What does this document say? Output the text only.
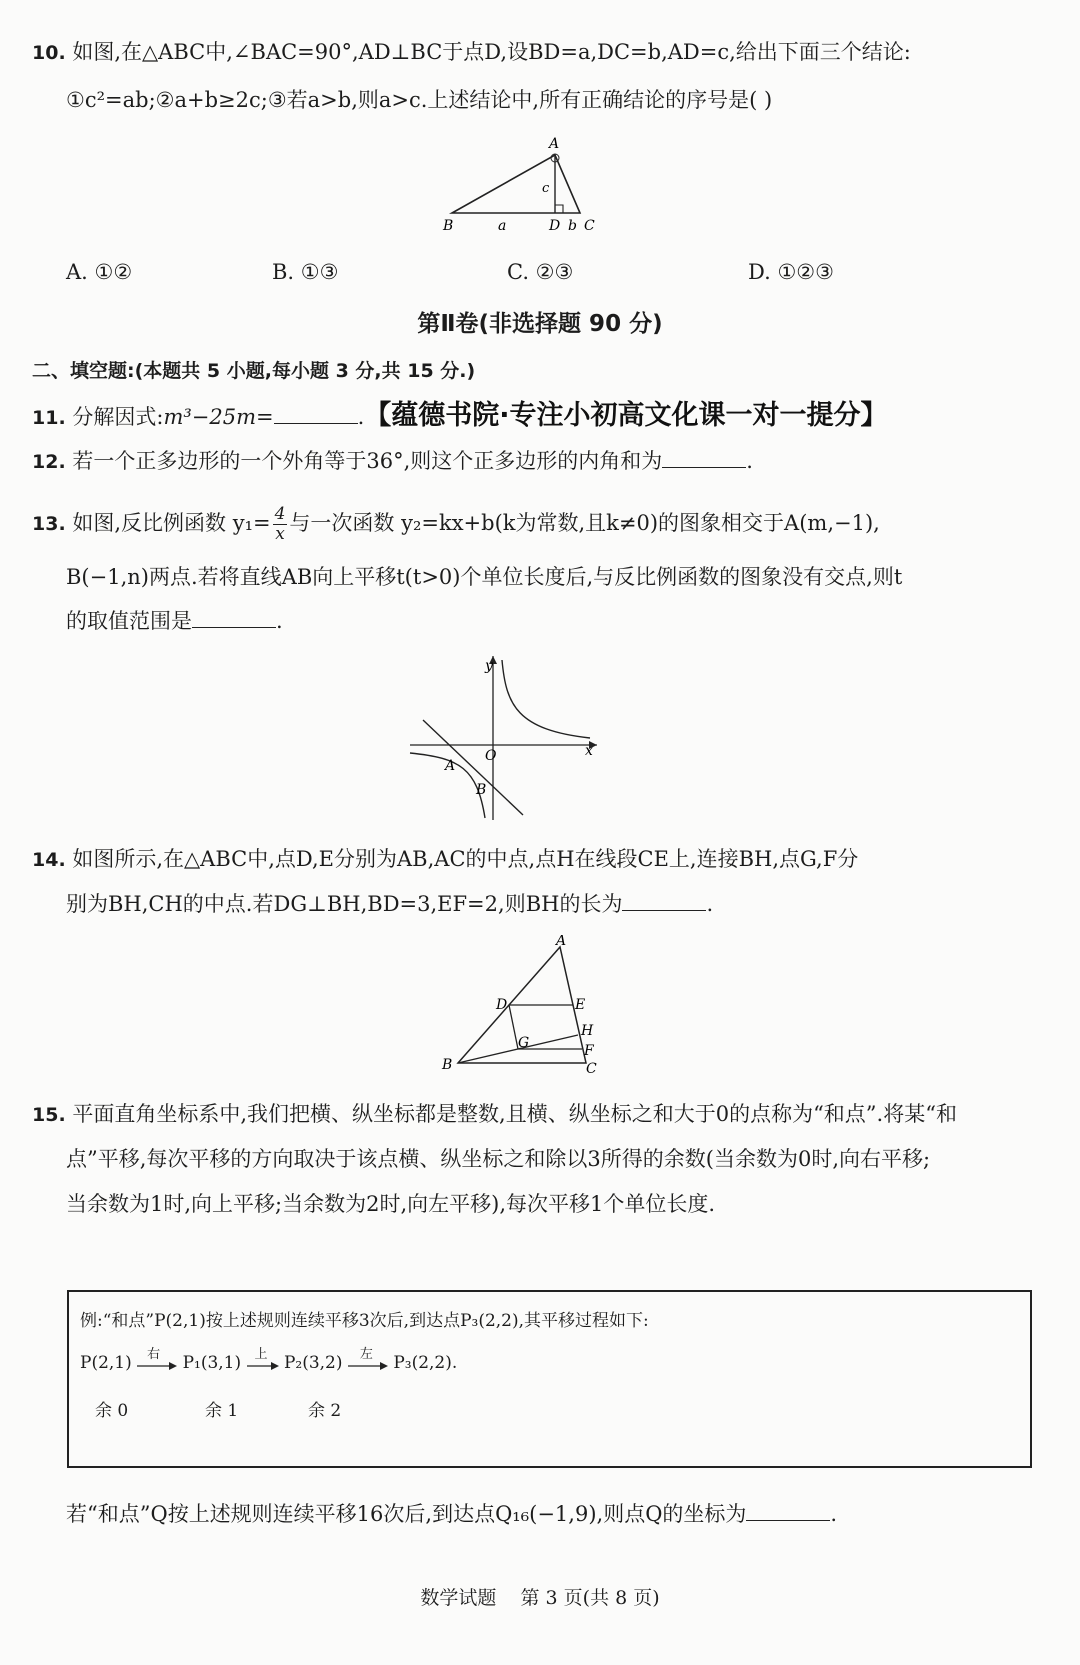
10. 如图,在△ABC中,∠BAC=90°,AD⊥BC于点D,设BD=a,DC=b,AD=c,给出下面三个结论:
①c²=ab;②a+b≥2c;③若a>b,则a>c.上述结论中,所有正确结论的序号是( )
A
B	C
D
a	b
c
A. ①②	B. ①③	C. ②③	D. ①②③
第Ⅱ卷(非选择题 90 分)
二、填空题:(本题共 5 小题,每小题 3 分,共 15 分.)
11. 分解因式:m³−25m=	.【蕴德书院·专注小初高文化课一对一提分】
12. 若一个正多边形的一个外角等于36°,则这个正多边形的内角和为	.
13. 如图,反比例函数 $y_1= \frac{4}{x}$ 与一次函数 y₂=kx+b(k为常数,且k≠0)的图象相交于A(m,−1),
B(−1,n)两点.若将直线AB向上平移t(t>0)个单位长度后,与反比例函数的图象没有交点,则t
的取值范围是	.
y
x
O
A
B
14. 如图所示,在△ABC中,点D,E分别为AB,AC的中点,点H在线段CE上,连接BH,点G,F分
别为BH,CH的中点.若DG⊥BH,BD=3,EF=2,则BH的长为	.
A
B	C
D	E
F
G
H
15. 平面直角坐标系中,我们把横、纵坐标都是整数,且横、纵坐标之和大于0的点称为“和点”.将某“和
点”平移,每次平移的方向取决于该点横、纵坐标之和除以3所得的余数(当余数为0时,向右平移;
当余数为1时,向上平移;当余数为2时,向左平移),每次平移1个单位长度.
例:“和点”P(2,1)按上述规则连续平移3次后,到达点P₃(2,2),其平移过程如下:
P(2,1) 右 P₁(3,1) 上 P₂(3,2) 左 P₃(2,2).
余 0	余 1	余 2
若“和点”Q按上述规则连续平移16次后,到达点Q₁₆(−1,9),则点Q的坐标为	.
数学试题    第 3 页(共 8 页)
